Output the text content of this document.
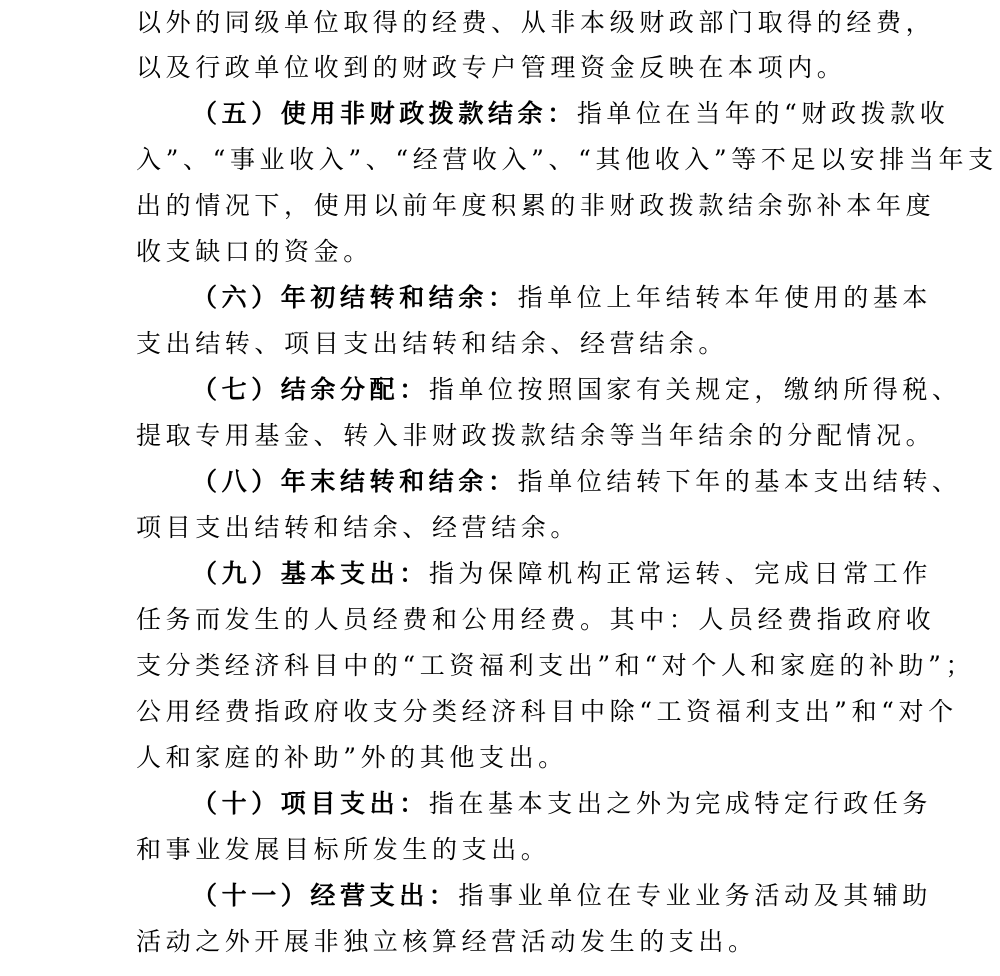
以外的同级单位取得的经费、从非本级财政部门取得的经费，
以及行政单位收到的财政专户管理资金反映在本项内。
（五）使用非财政拨款结余：指单位在当年的“财政拨款收
入”、“事业收入”、“经营收入”、“其他收入”等不足以安排当年支
出的情况下，使用以前年度积累的非财政拨款结余弥补本年度
收支缺口的资金。
（六）年初结转和结余：指单位上年结转本年使用的基本
支出结转、项目支出结转和结余、经营结余。
（七）结余分配：指单位按照国家有关规定，缴纳所得税、
提取专用基金、转入非财政拨款结余等当年结余的分配情况。
（八）年末结转和结余：指单位结转下年的基本支出结转、
项目支出结转和结余、经营结余。
（九）基本支出：指为保障机构正常运转、完成日常工作
任务而发生的人员经费和公用经费。其中：人员经费指政府收
支分类经济科目中的“工资福利支出”和“对个人和家庭的补助”；
公用经费指政府收支分类经济科目中除“工资福利支出”和“对个
人和家庭的补助”外的其他支出。
（十）项目支出：指在基本支出之外为完成特定行政任务
和事业发展目标所发生的支出。
（十一）经营支出：指事业单位在专业业务活动及其辅助
活动之外开展非独立核算经营活动发生的支出。
